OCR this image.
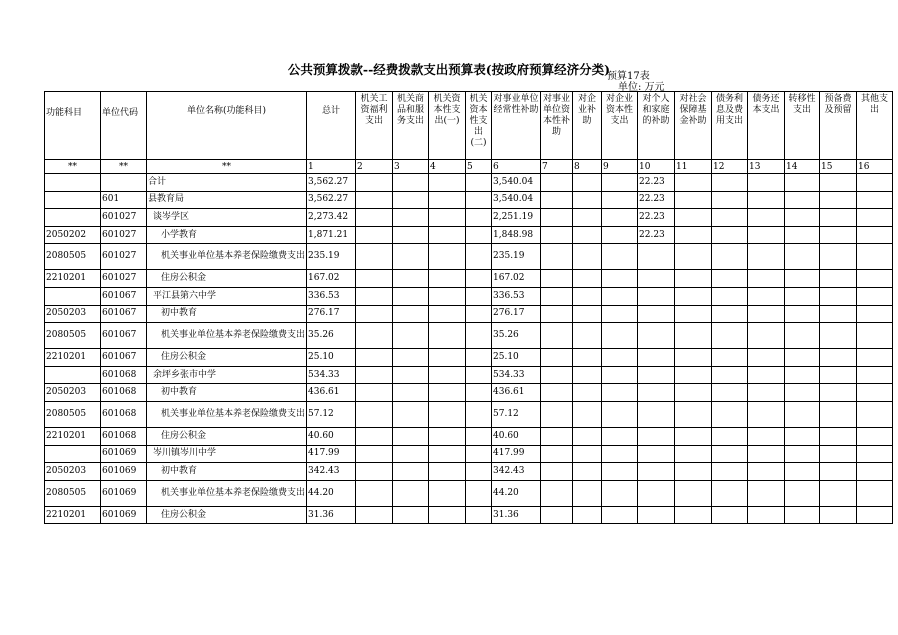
公共预算拨款--经费拨款支出预算表(按政府预算经济分类)
预算17表
单位: 万元
功能科目	单位代码	单位名称(功能科目)	总计	机关工资福利支出	机关商品和服务支出	机关资本性支出(一)	机关资本性支出(二)	对事业单位经常性补助	对事业单位资本性补助	对企业补助	对企业资本性支出	对个人和家庭的补助	对社会保障基金补助	债务利息及费用支出	债务还本支出	转移性支出	预备费及预留	其他支出
**	**	**	1	2	3	4	5	6	7	8	9	10	11	12	13	14	15	16
		合计	3,562.27					3,540.04				22.23						
	601	县教育局	3,562.27					3,540.04				22.23						
	601027	谈岑学区	2,273.42					2,251.19				22.23						
2050202	601027	小学教育	1,871.21					1,848.98				22.23						
2080505	601027	机关事业单位基本养老保险缴费支出	235.19					235.19										
2210201	601027	住房公积金	167.02					167.02										
	601067	平江县第六中学	336.53					336.53										
2050203	601067	初中教育	276.17					276.17										
2080505	601067	机关事业单位基本养老保险缴费支出	35.26					35.26										
2210201	601067	住房公积金	25.10					25.10										
	601068	余坪乡张市中学	534.33					534.33										
2050203	601068	初中教育	436.61					436.61										
2080505	601068	机关事业单位基本养老保险缴费支出	57.12					57.12										
2210201	601068	住房公积金	40.60					40.60										
	601069	岑川镇岑川中学	417.99					417.99										
2050203	601069	初中教育	342.43					342.43										
2080505	601069	机关事业单位基本养老保险缴费支出	44.20					44.20										
2210201	601069	住房公积金	31.36					31.36										
